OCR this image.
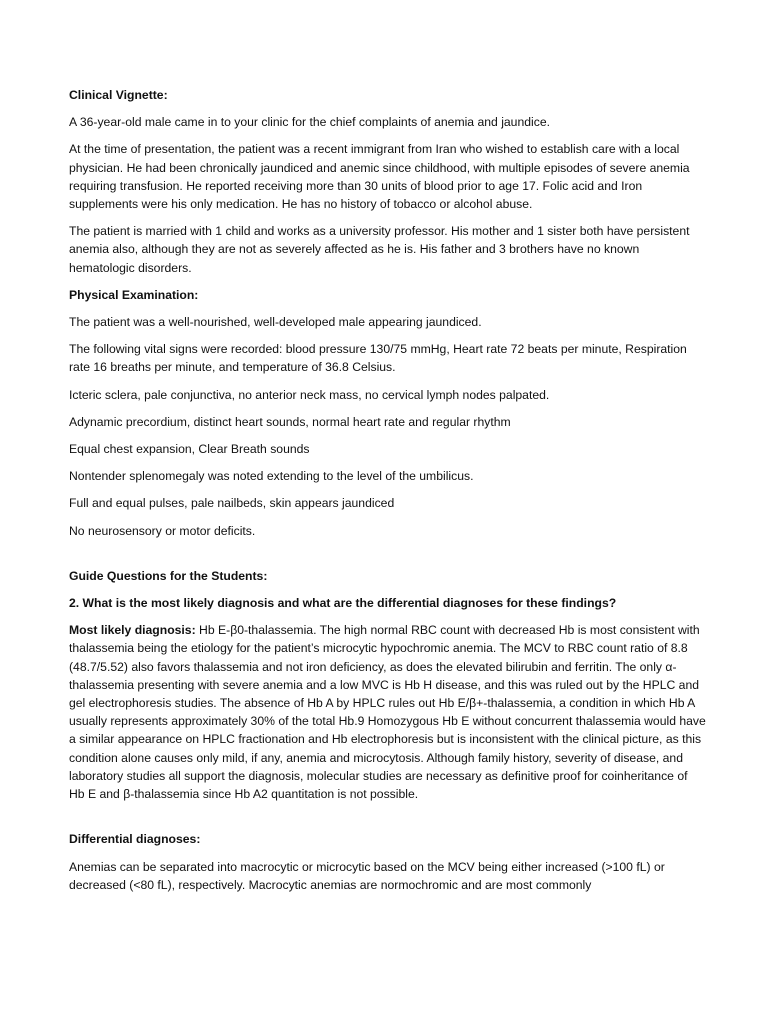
Clinical Vignette:

A 36-year-old male came in to your clinic for the chief complaints of anemia and jaundice.

At the time of presentation, the patient was a recent immigrant from Iran who wished to establish care with a local physician. He had been chronically jaundiced and anemic since childhood, with multiple episodes of severe anemia requiring transfusion. He reported receiving more than 30 units of blood prior to age 17. Folic acid and Iron supplements were his only medication. He has no history of tobacco or alcohol abuse.

The patient is married with 1 child and works as a university professor. His mother and 1 sister both have persistent anemia also, although they are not as severely affected as he is. His father and 3 brothers have no known hematologic disorders.

Physical Examination:

The patient was a well-nourished, well-developed male appearing jaundiced.

The following vital signs were recorded: blood pressure 130/75 mmHg, Heart rate 72 beats per minute, Respiration rate 16 breaths per minute, and temperature of 36.8 Celsius.

Icteric sclera, pale conjunctiva, no anterior neck mass, no cervical lymph nodes palpated.

Adynamic precordium, distinct heart sounds, normal heart rate and regular rhythm

Equal chest expansion, Clear Breath sounds

Nontender splenomegaly was noted extending to the level of the umbilicus.

Full and equal pulses, pale nailbeds, skin appears jaundiced

No neurosensory or motor deficits.

Guide Questions for the Students:

2. What is the most likely diagnosis and what are the differential diagnoses for these findings?

Most likely diagnosis: Hb E-β0-thalassemia. The high normal RBC count with decreased Hb is most consistent with thalassemia being the etiology for the patient’s microcytic hypochromic anemia. The MCV to RBC count ratio of 8.8 (48.7/5.52) also favors thalassemia and not iron deficiency, as does the elevated bilirubin and ferritin. The only α-thalassemia presenting with severe anemia and a low MVC is Hb H disease, and this was ruled out by the HPLC and gel electrophoresis studies. The absence of Hb A by HPLC rules out Hb E/β+-thalassemia, a condition in which Hb A usually represents approximately 30% of the total Hb.9 Homozygous Hb E without concurrent thalassemia would have a similar appearance on HPLC fractionation and Hb electrophoresis but is inconsistent with the clinical picture, as this condition alone causes only mild, if any, anemia and microcytosis. Although family history, severity of disease, and laboratory studies all support the diagnosis, molecular studies are necessary as definitive proof for coinheritance of Hb E and β-thalassemia since Hb A2 quantitation is not possible.

Differential diagnoses:

Anemias can be separated into macrocytic or microcytic based on the MCV being either increased (>100 fL) or decreased (<80 fL), respectively. Macrocytic anemias are normochromic and are most commonly
